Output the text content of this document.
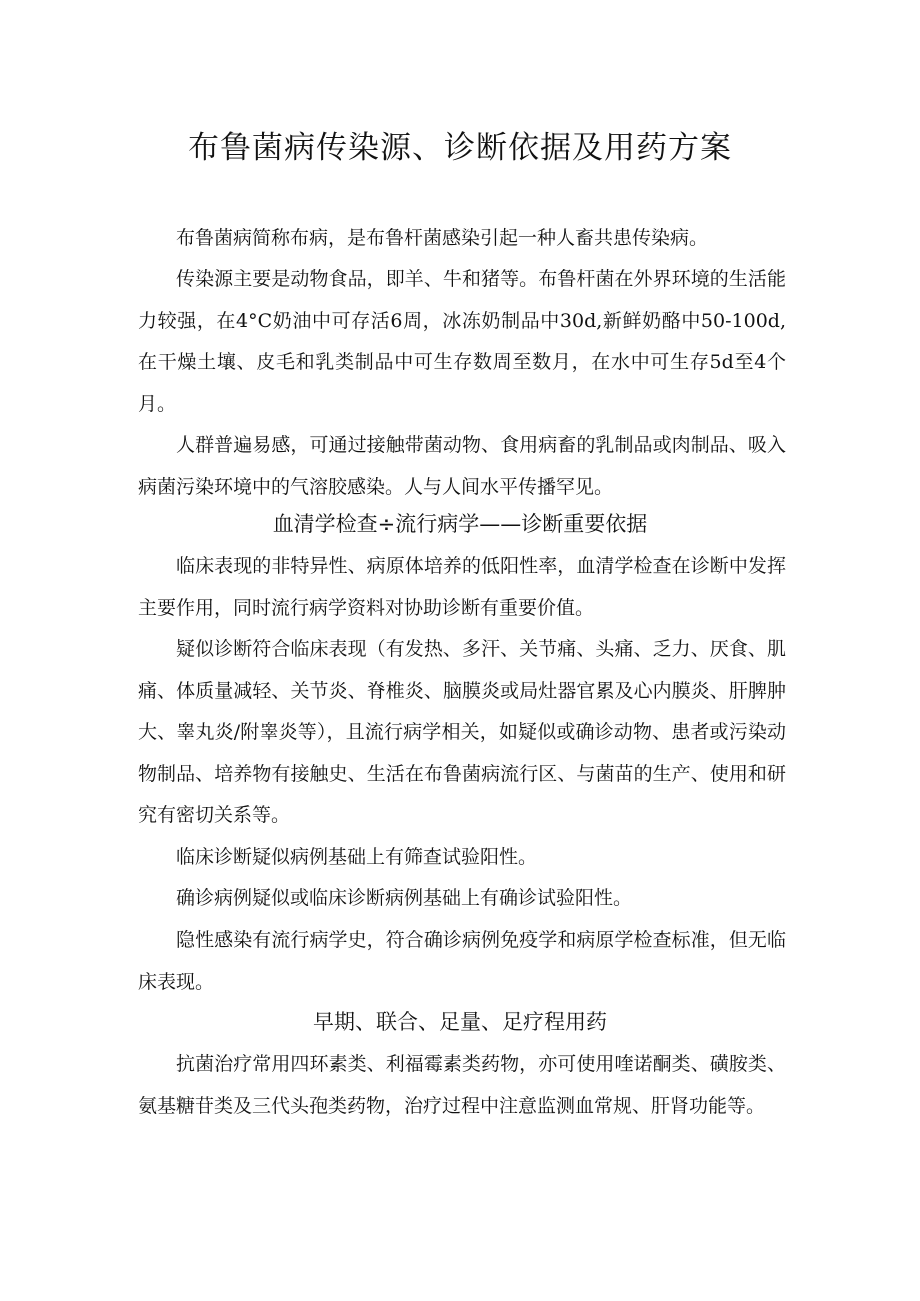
布鲁菌病传染源、诊断依据及用药方案

布鲁菌病简称布病，是布鲁杆菌感染引起一种人畜共患传染病。

传染源主要是动物食品，即羊、牛和猪等。布鲁杆菌在外界环境的生活能力较强，在4°C奶油中可存活6周，冰冻奶制品中30d,新鲜奶酪中50-100d,在干燥土壤、皮毛和乳类制品中可生存数周至数月，在水中可生存5d至4个月。

人群普遍易感，可通过接触带菌动物、食用病畜的乳制品或肉制品、吸入病菌污染环境中的气溶胶感染。人与人间水平传播罕见。

血清学检查÷流行病学——诊断重要依据

临床表现的非特异性、病原体培养的低阳性率，血清学检查在诊断中发挥主要作用，同时流行病学资料对协助诊断有重要价值。

疑似诊断符合临床表现（有发热、多汗、关节痛、头痛、乏力、厌食、肌痛、体质量减轻、关节炎、脊椎炎、脑膜炎或局灶器官累及心内膜炎、肝脾肿大、睾丸炎/附睾炎等），且流行病学相关，如疑似或确诊动物、患者或污染动物制品、培养物有接触史、生活在布鲁菌病流行区、与菌苗的生产、使用和研究有密切关系等。

临床诊断疑似病例基础上有筛查试验阳性。

确诊病例疑似或临床诊断病例基础上有确诊试验阳性。

隐性感染有流行病学史，符合确诊病例免疫学和病原学检查标准，但无临床表现。

早期、联合、足量、足疗程用药

抗菌治疗常用四环素类、利福霉素类药物，亦可使用喹诺酮类、磺胺类、氨基糖苷类及三代头孢类药物，治疗过程中注意监测血常规、肝肾功能等。
